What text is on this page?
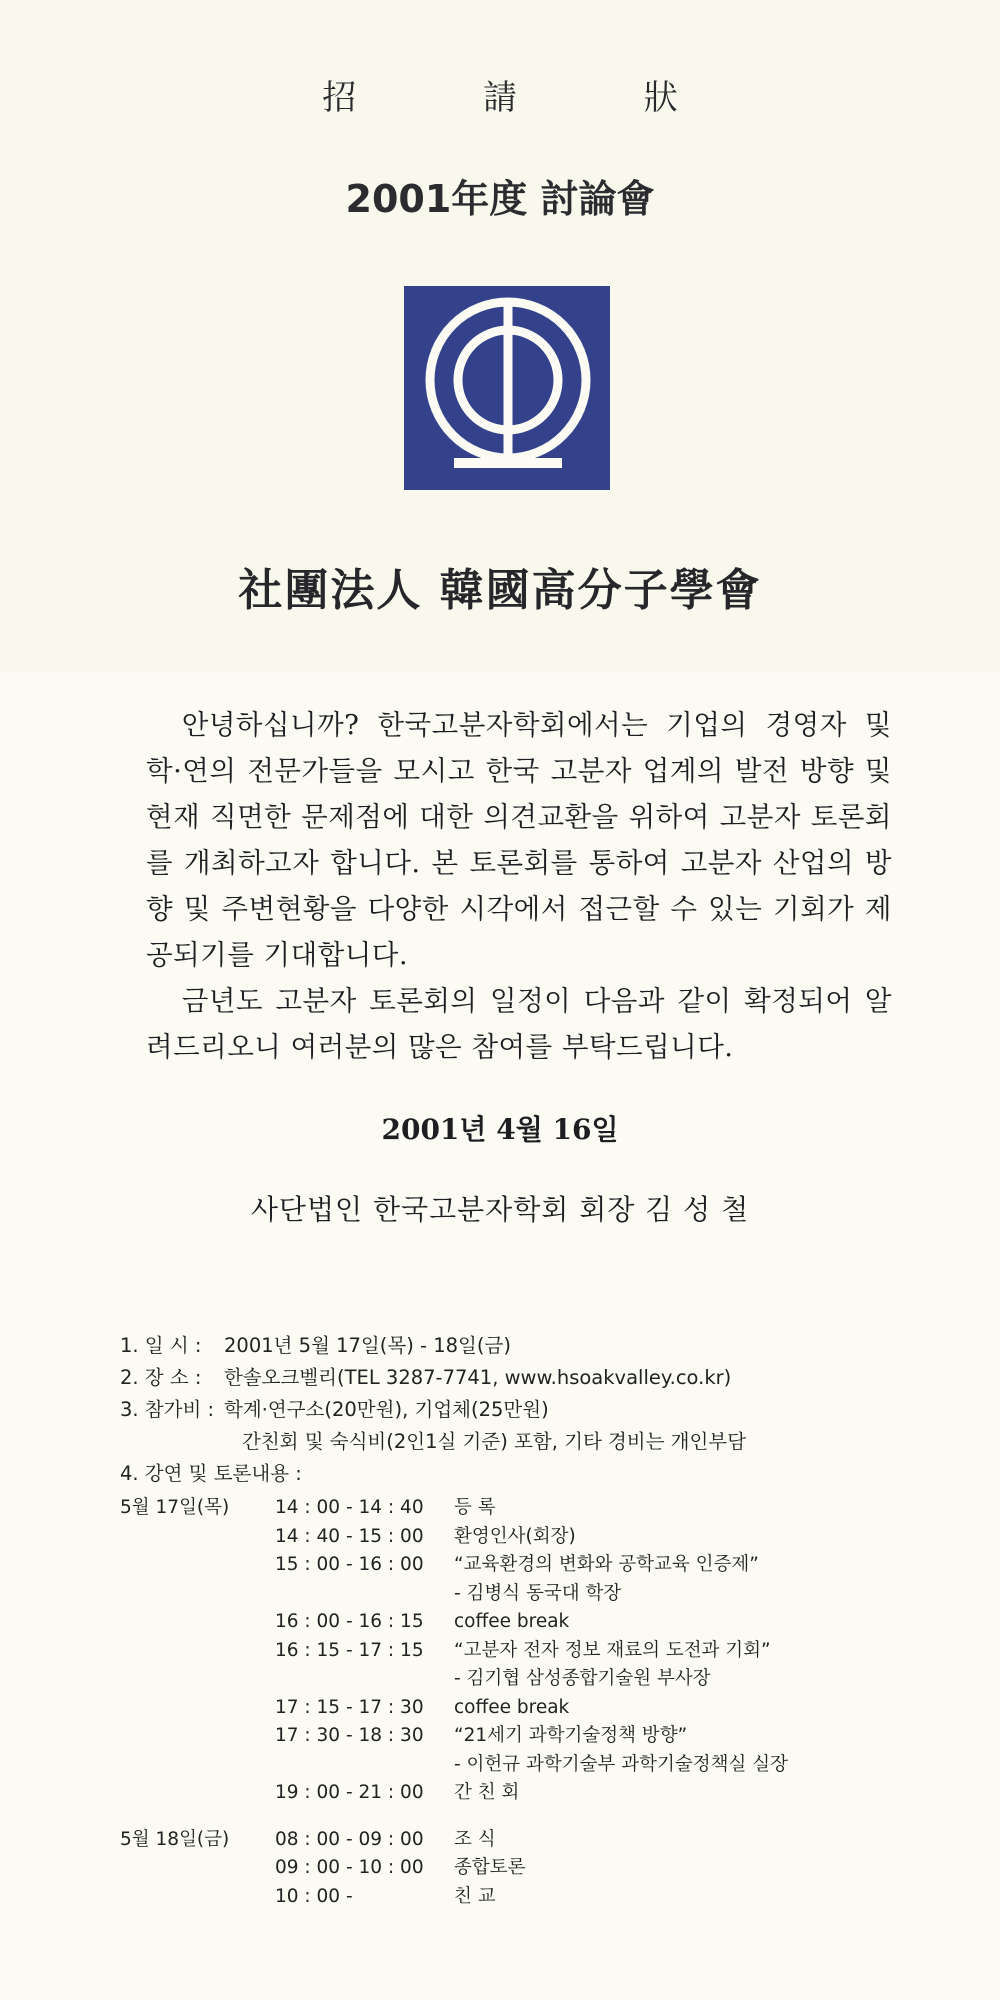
招 請 狀
2001年度 討論會
社團法人 韓國高分子學會

안녕하십니까? 한국고분자학회에서는 기업의 경영자 및 학·연의 전문가들을 모시고 한국 고분자 업계의 발전 방향 및 현재 직면한 문제점에 대한 의견교환을 위하여 고분자 토론회를 개최하고자 합니다. 본 토론회를 통하여 고분자 산업의 방향 및 주변현황을 다양한 시각에서 접근할 수 있는 기회가 제공되기를 기대합니다.

금년도 고분자 토론회의 일정이 다음과 같이 확정되어 알려드리오니 여러분의 많은 참여를 부탁드립니다.

2001년 4월 16일
사단법인 한국고분자학회 회장 김 성 철
1. 일 시 : 2001년 5월 17일(목) - 18일(금)
2. 장 소 : 한솔오크벨리(TEL 3287-7741, www.hsoakvalley.co.kr)
3. 참가비 : 학계·연구소(20만원), 기업체(25만원)
간친회 및 숙식비(2인1실 기준) 포함, 기타 경비는 개인부담
4. 강연 및 토론내용 :
5월 17일(목) 14 : 00 - 14 : 40 등 록
14 : 40 - 15 : 00 환영인사(회장)
15 : 00 - 16 : 00 “교육환경의 변화와 공학교육 인증제”
- 김병식 동국대 학장
16 : 00 - 16 : 15 coffee break
16 : 15 - 17 : 15 “고분자 전자 정보 재료의 도전과 기회”
- 김기협 삼성종합기술원 부사장
17 : 15 - 17 : 30 coffee break
17 : 30 - 18 : 30 “21세기 과학기술정책 방향”
- 이헌규 과학기술부 과학기술정책실 실장
19 : 00 - 21 : 00 간 친 회
5월 18일(금) 08 : 00 - 09 : 00 조 식
09 : 00 - 10 : 00 종합토론
10 : 00 -	친 교
